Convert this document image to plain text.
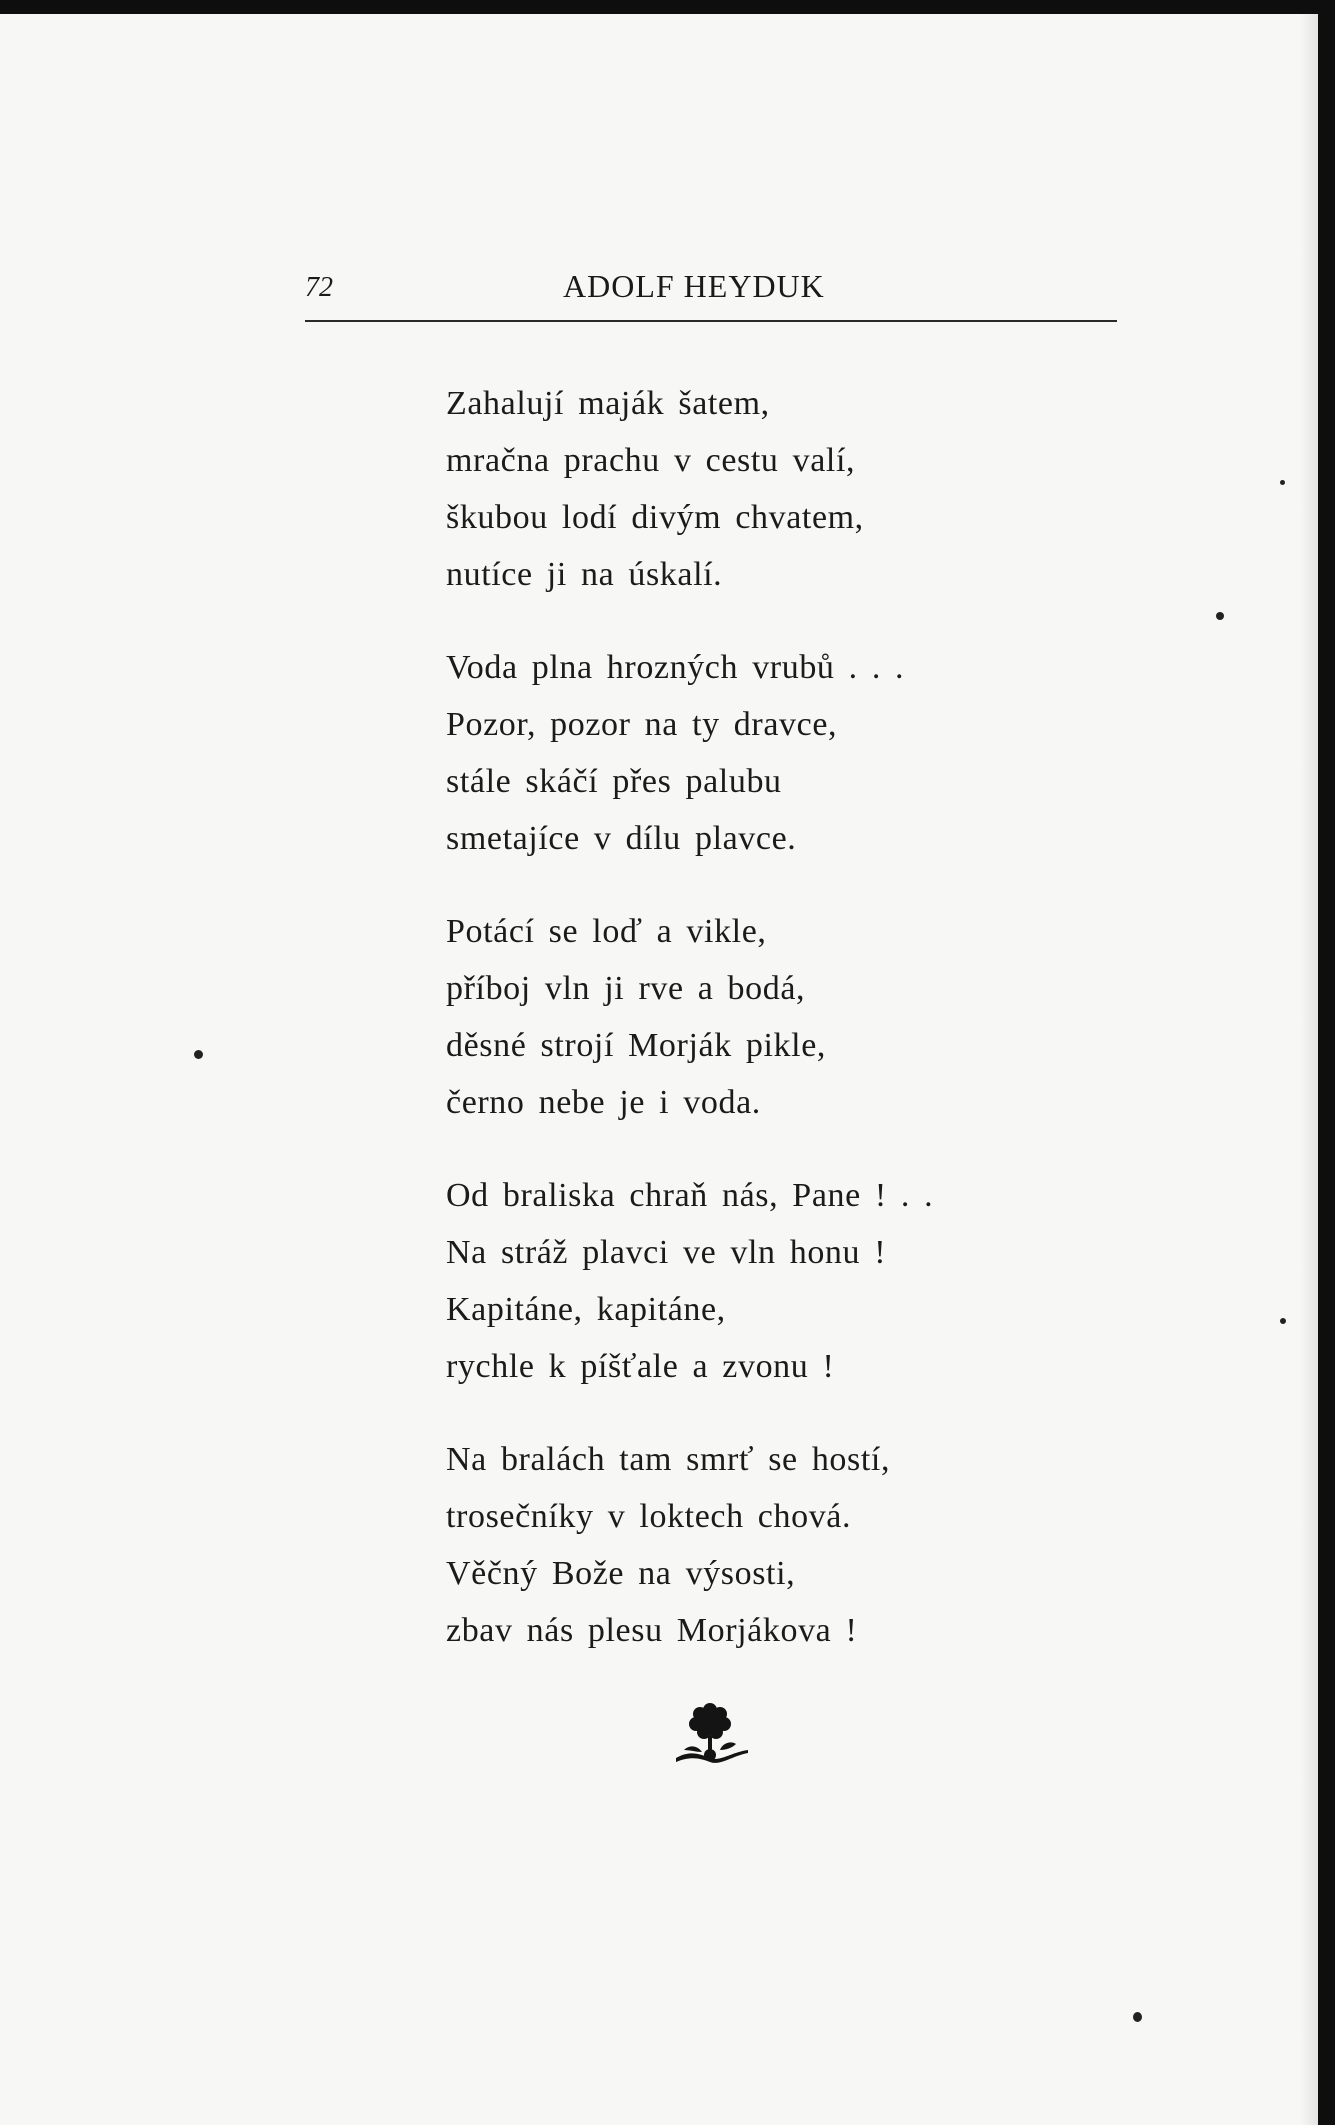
72	ADOLF HEYDUK
Zahalují maják šatem,
mračna prachu v cestu valí,
škubou lodí divým chvatem,
nutíce ji na úskalí.
Voda plna hrozných vrubů . . .
Pozor, pozor na ty dravce,
stále skáčí přes palubu
smetajíce v dílu plavce.
Potácí se loď a vikle,
příboj vln ji rve a bodá,
děsné strojí Morják pikle,
černo nebe je i voda.
Od braliska chraň nás, Pane ! . .
Na stráž plavci ve vln honu !
Kapitáne, kapitáne,
rychle k píšťale a zvonu !
Na bralách tam smrť se hostí,
trosečníky v loktech chová.
Věčný Bože na výsosti,
zbav nás plesu Morjákova !
